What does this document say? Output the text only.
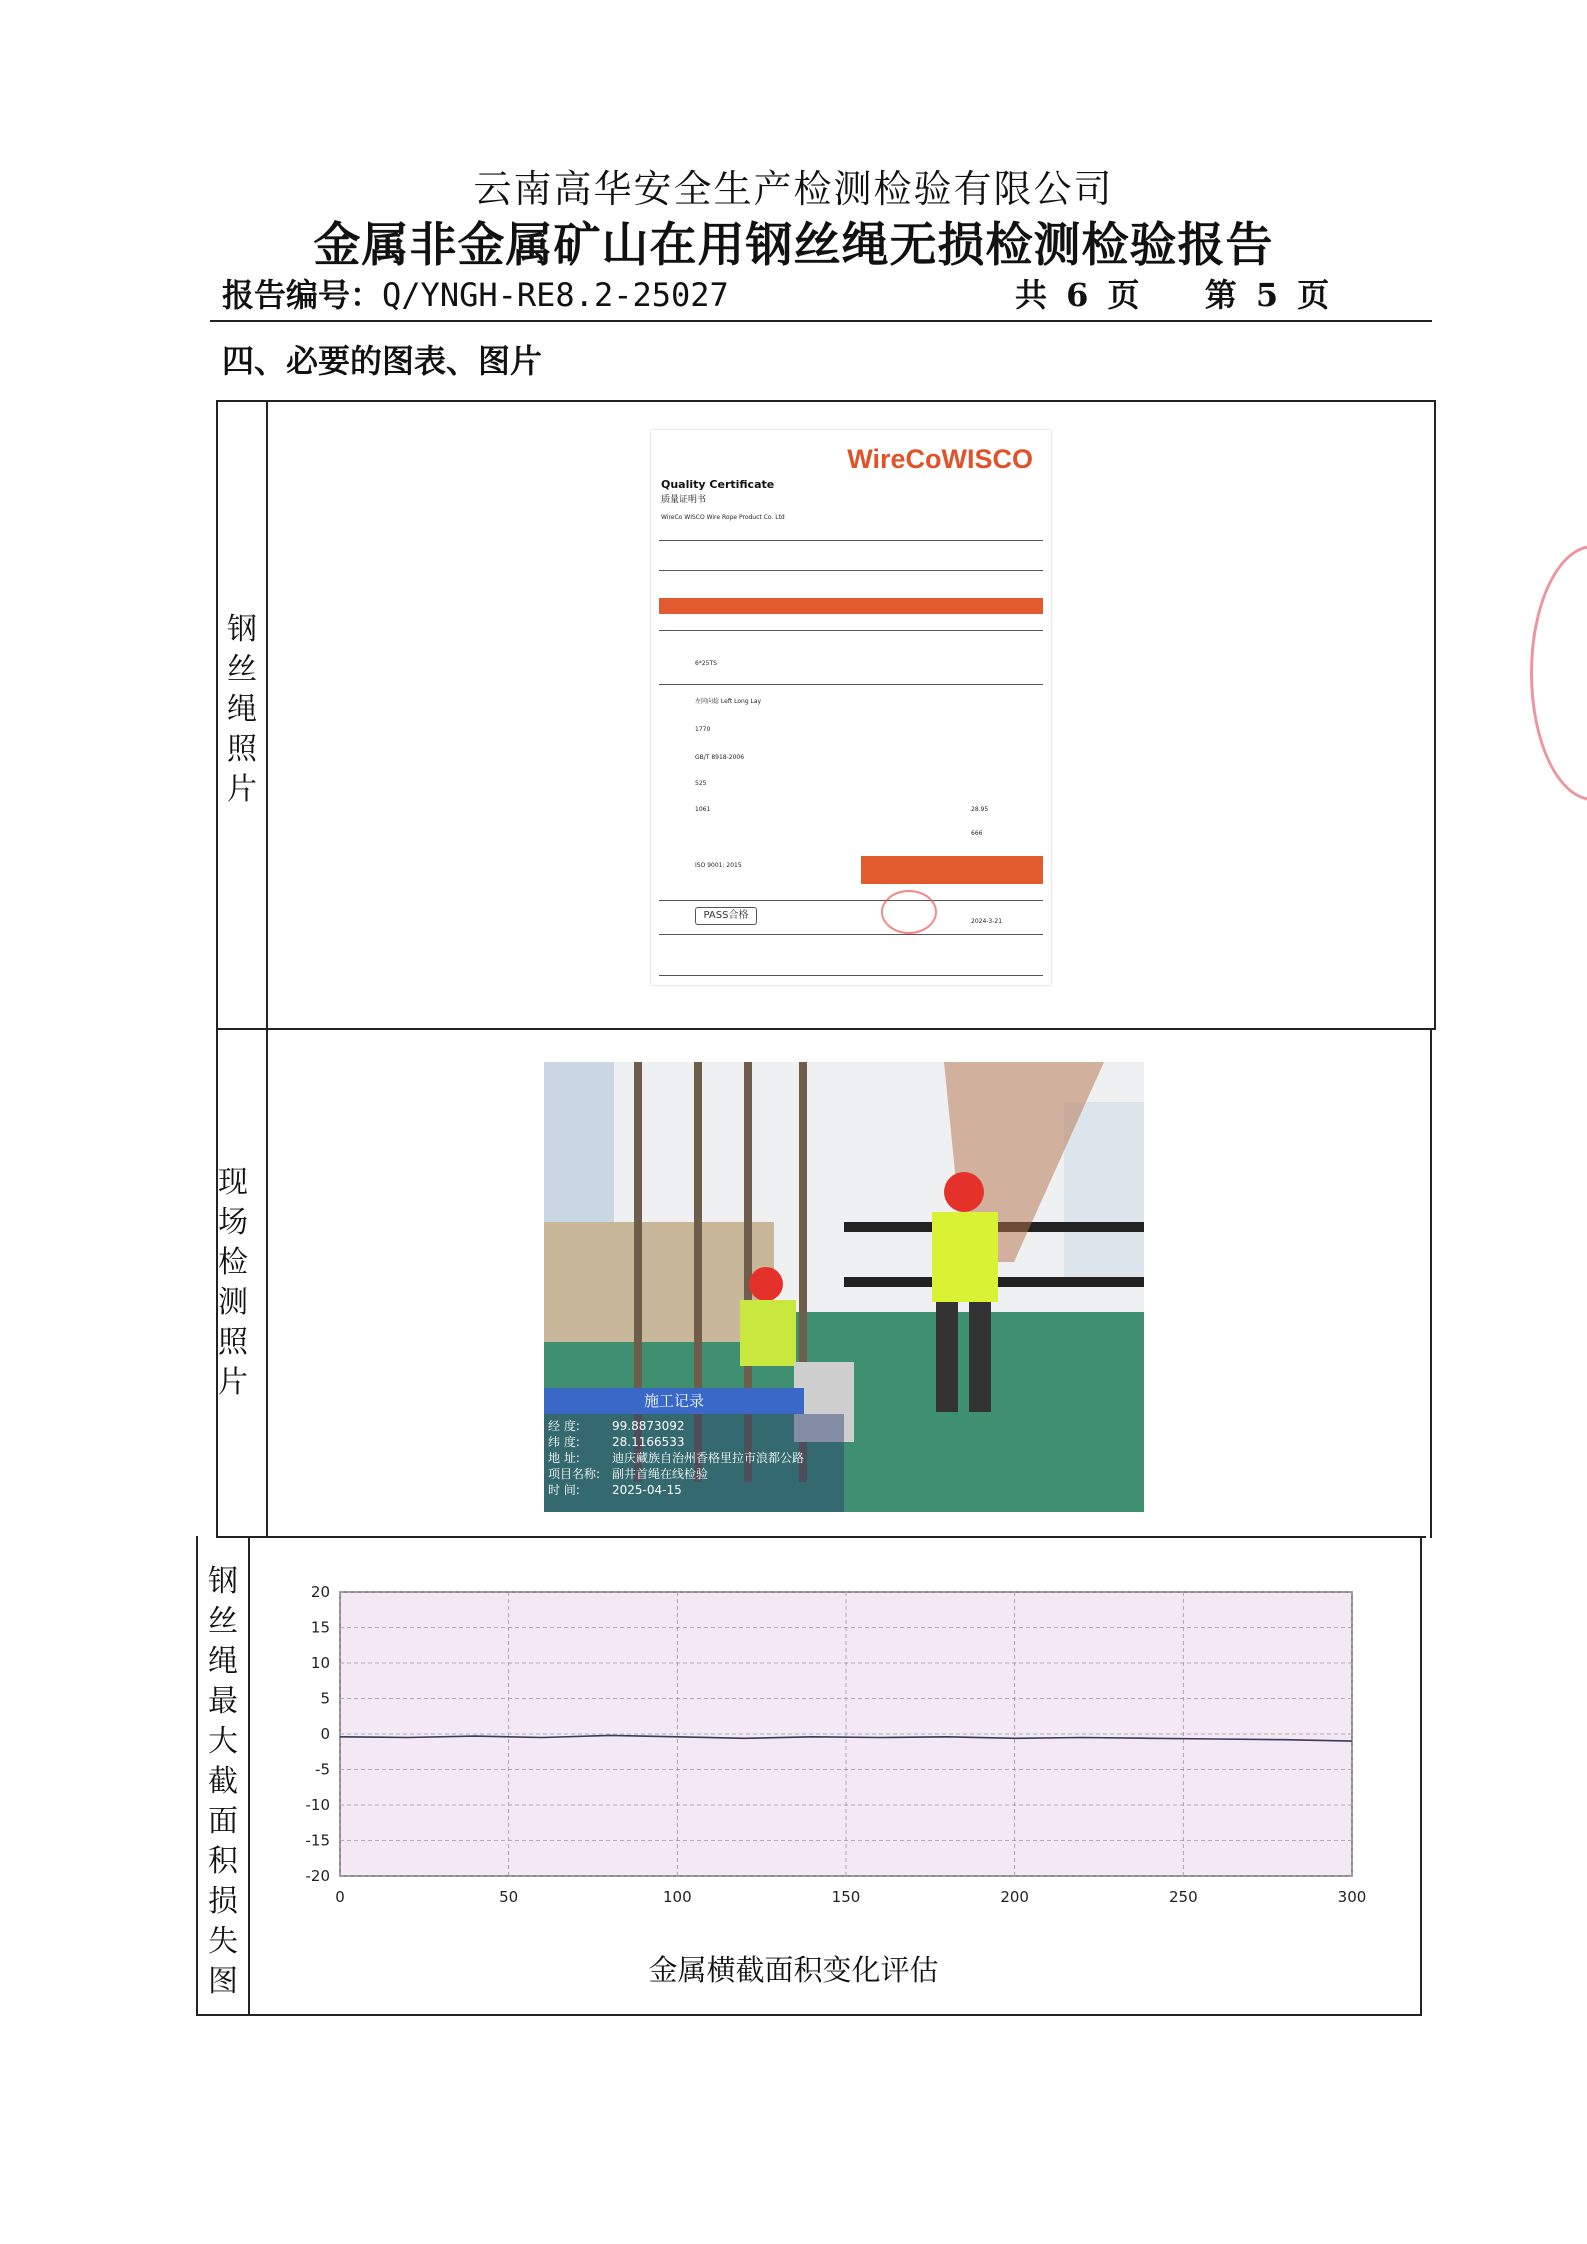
云南高华安全生产检测检验有限公司
金属非金属矿山在用钢丝绳无损检测检验报告
报告编号：Q/YNGH-RE8.2-25027	共 6 页 第 5 页
四、必要的图表、图片
钢
丝
绳
照
片
现
场
检
测
照
片
钢
丝
绳
最
大
截
面
积
损
失
图
WireCoWISCO
Quality Certificate
质量证明书
WireCo WISCO Wire Rope Product Co. Ltd
6*25TS
左同向捻 Left Long Lay
1770
GB/T 8918-2006
525
1061
ISO 9001: 2015
28.95
666
PASS合格
2024-3-21
施工记录
经 度:	99.8873092
纬 度:	28.1166533
地 址:	迪庆藏族自治州香格里拉市浪都公路
项目名称: 副井首绳在线检验
时 间:	2025-04-15
20
15
10
5
0
-5
-10
-15
-20
0	50	100	150	200	250	300
金属横截面积变化评估
